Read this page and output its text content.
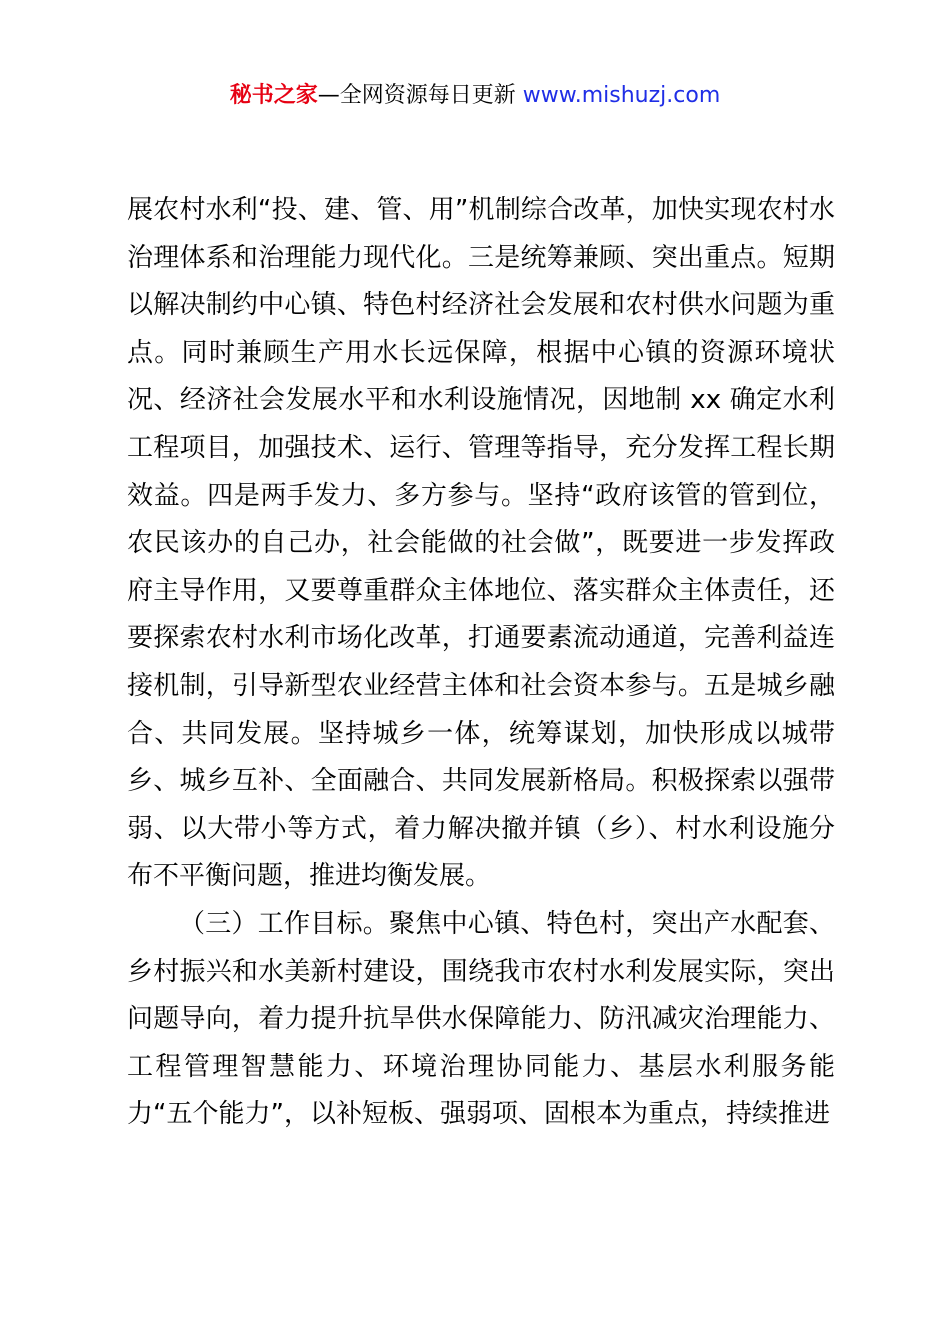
秘书之家—全网资源每日更新 www.mishuzj.com

展农村水利“投、建、管、用”机制综合改革，加快实现农村水治理体系和治理能力现代化。三是统筹兼顾、突出重点。短期以解决制约中心镇、特色村经济社会发展和农村供水问题为重点。同时兼顾生产用水长远保障，根据中心镇的资源环境状况、经济社会发展水平和水利设施情况，因地制 xx 确定水利工程项目，加强技术、运行、管理等指导，充分发挥工程长期效益。四是两手发力、多方参与。坚持“政府该管的管到位，农民该办的自己办，社会能做的社会做”，既要进一步发挥政府主导作用，又要尊重群众主体地位、落实群众主体责任，还要探索农村水利市场化改革，打通要素流动通道，完善利益连接机制，引导新型农业经营主体和社会资本参与。五是城乡融合、共同发展。坚持城乡一体，统筹谋划，加快形成以城带乡、城乡互补、全面融合、共同发展新格局。积极探索以强带弱、以大带小等方式，着力解决撤并镇（乡）、村水利设施分布不平衡问题，推进均衡发展。

（三）工作目标。聚焦中心镇、特色村，突出产水配套、乡村振兴和水美新村建设，围绕我市农村水利发展实际，突出问题导向，着力提升抗旱供水保障能力、防汛减灾治理能力、工程管理智慧能力、环境治理协同能力、基层水利服务能力“五个能力”，以补短板、强弱项、固根本为重点，持续推进
